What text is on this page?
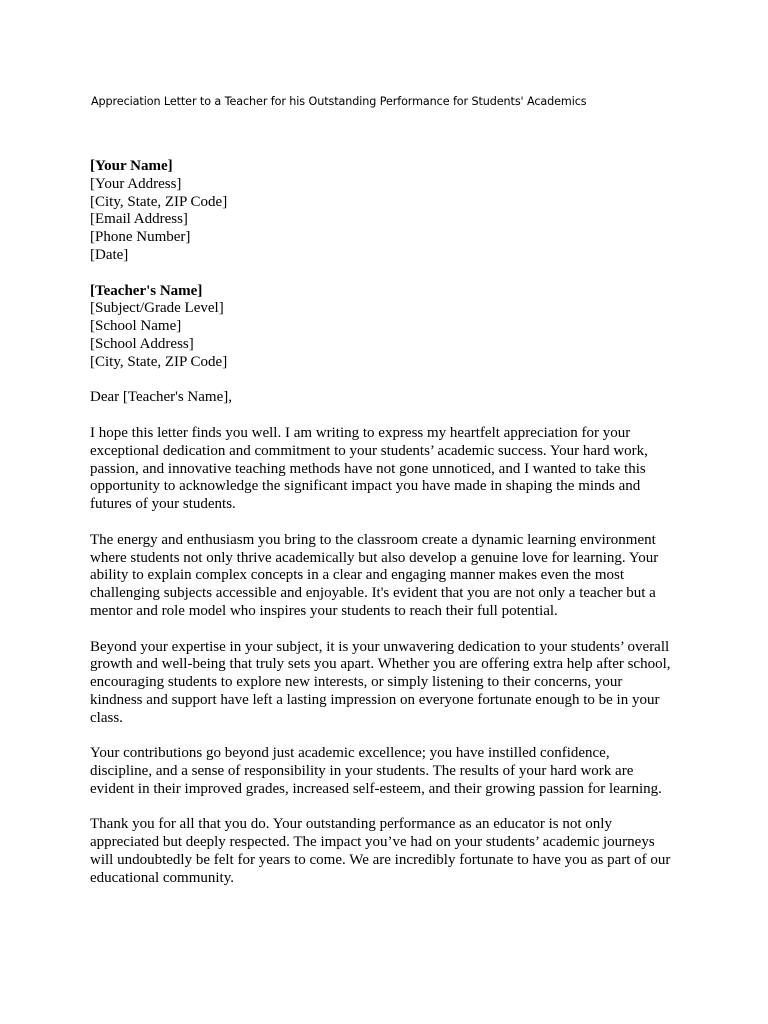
Appreciation Letter to a Teacher for his Outstanding Performance for Students' Academics

[Your Name]
[Your Address]
[City, State, ZIP Code]
[Email Address]
[Phone Number]
[Date]

[Teacher's Name]
[Subject/Grade Level]
[School Name]
[School Address]
[City, State, ZIP Code]

Dear [Teacher's Name],

I hope this letter finds you well. I am writing to express my heartfelt appreciation for your
exceptional dedication and commitment to your students’ academic success. Your hard work,
passion, and innovative teaching methods have not gone unnoticed, and I wanted to take this
opportunity to acknowledge the significant impact you have made in shaping the minds and
futures of your students.

The energy and enthusiasm you bring to the classroom create a dynamic learning environment
where students not only thrive academically but also develop a genuine love for learning. Your
ability to explain complex concepts in a clear and engaging manner makes even the most
challenging subjects accessible and enjoyable. It's evident that you are not only a teacher but a
mentor and role model who inspires your students to reach their full potential.

Beyond your expertise in your subject, it is your unwavering dedication to your students’ overall
growth and well-being that truly sets you apart. Whether you are offering extra help after school,
encouraging students to explore new interests, or simply listening to their concerns, your
kindness and support have left a lasting impression on everyone fortunate enough to be in your
class.

Your contributions go beyond just academic excellence; you have instilled confidence,
discipline, and a sense of responsibility in your students. The results of your hard work are
evident in their improved grades, increased self-esteem, and their growing passion for learning.

Thank you for all that you do. Your outstanding performance as an educator is not only
appreciated but deeply respected. The impact you’ve had on your students’ academic journeys
will undoubtedly be felt for years to come. We are incredibly fortunate to have you as part of our
educational community.
